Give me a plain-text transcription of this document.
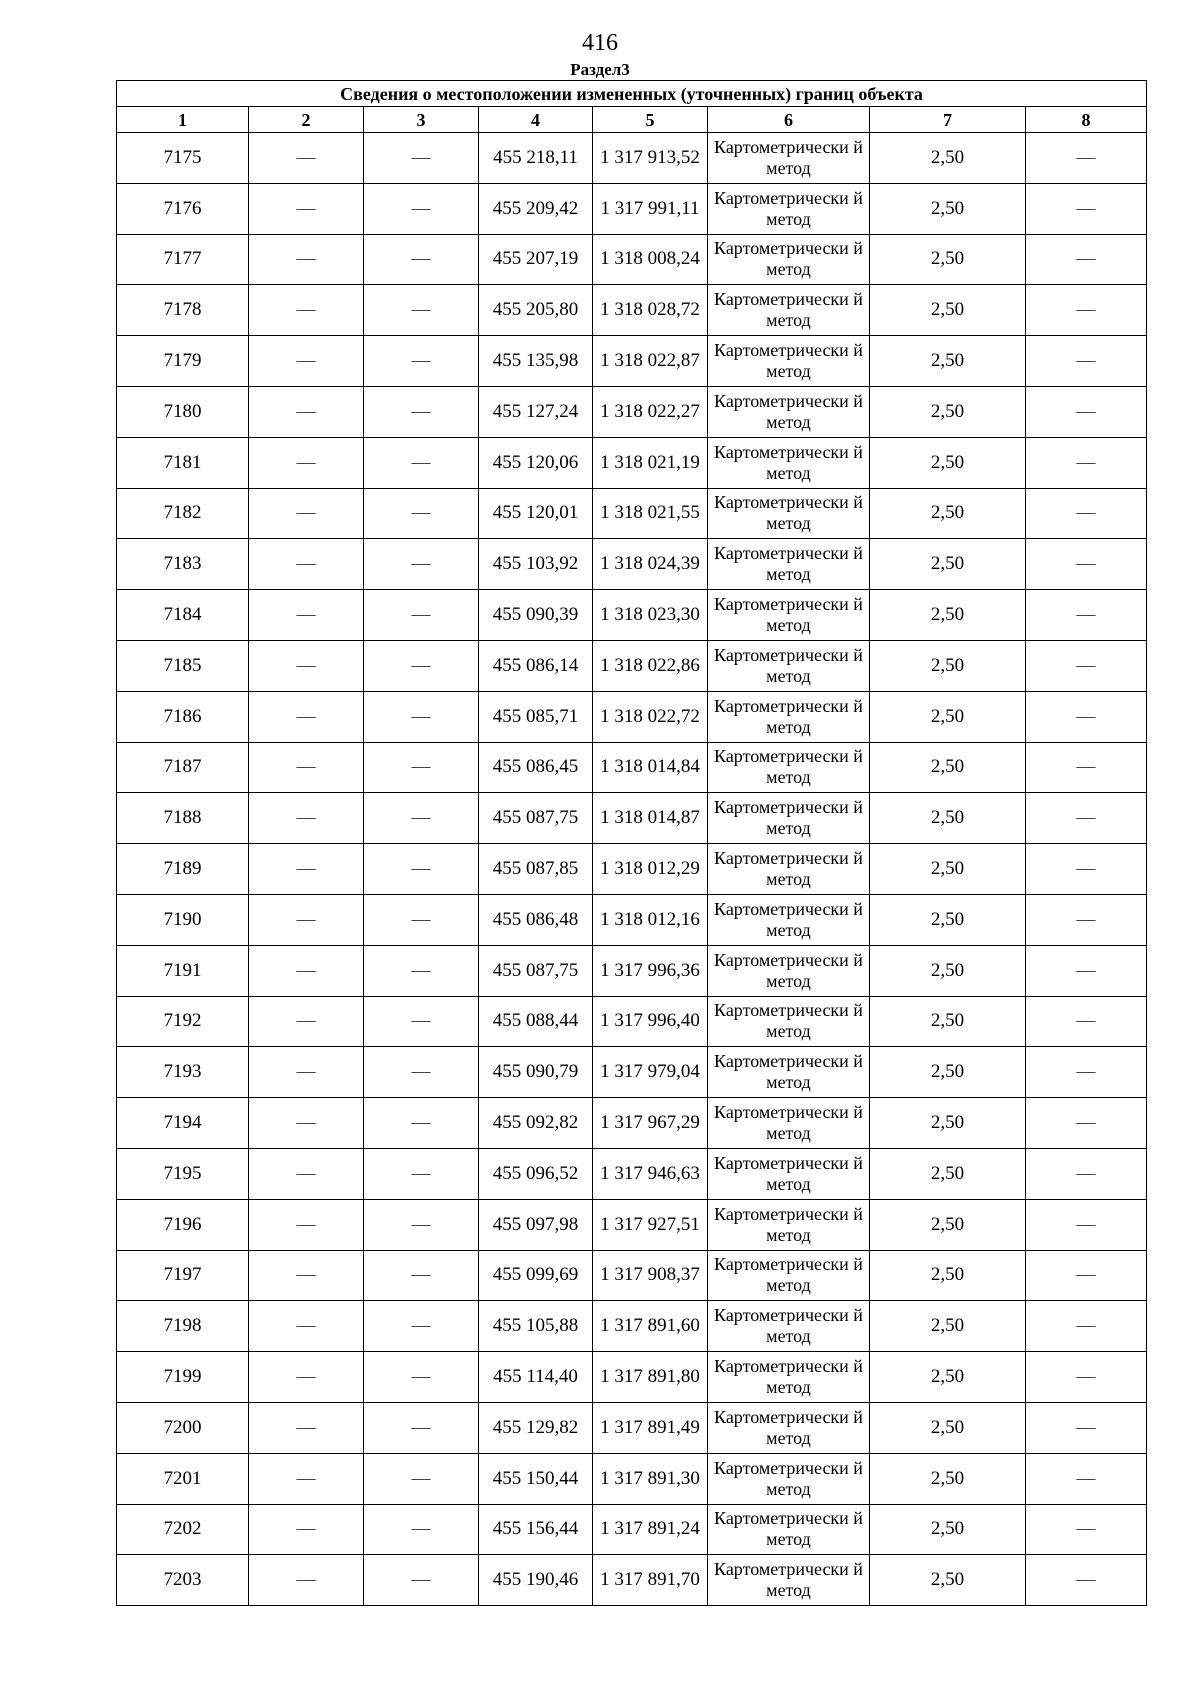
416
Раздел3
Сведения о местоположении измененных (уточненных) границ объекта							
1	2	3	4	5	6	7	8
7175	—	—	455 218,11	1 317 913,52	Картометрически й метод	2,50	—
7176	—	—	455 209,42	1 317 991,11	Картометрически й метод	2,50	—
7177	—	—	455 207,19	1 318 008,24	Картометрически й метод	2,50	—
7178	—	—	455 205,80	1 318 028,72	Картометрически й метод	2,50	—
7179	—	—	455 135,98	1 318 022,87	Картометрически й метод	2,50	—
7180	—	—	455 127,24	1 318 022,27	Картометрически й метод	2,50	—
7181	—	—	455 120,06	1 318 021,19	Картометрически й метод	2,50	—
7182	—	—	455 120,01	1 318 021,55	Картометрически й метод	2,50	—
7183	—	—	455 103,92	1 318 024,39	Картометрически й метод	2,50	—
7184	—	—	455 090,39	1 318 023,30	Картометрически й метод	2,50	—
7185	—	—	455 086,14	1 318 022,86	Картометрически й метод	2,50	—
7186	—	—	455 085,71	1 318 022,72	Картометрически й метод	2,50	—
7187	—	—	455 086,45	1 318 014,84	Картометрически й метод	2,50	—
7188	—	—	455 087,75	1 318 014,87	Картометрически й метод	2,50	—
7189	—	—	455 087,85	1 318 012,29	Картометрически й метод	2,50	—
7190	—	—	455 086,48	1 318 012,16	Картометрически й метод	2,50	—
7191	—	—	455 087,75	1 317 996,36	Картометрически й метод	2,50	—
7192	—	—	455 088,44	1 317 996,40	Картометрически й метод	2,50	—
7193	—	—	455 090,79	1 317 979,04	Картометрически й метод	2,50	—
7194	—	—	455 092,82	1 317 967,29	Картометрически й метод	2,50	—
7195	—	—	455 096,52	1 317 946,63	Картометрически й метод	2,50	—
7196	—	—	455 097,98	1 317 927,51	Картометрически й метод	2,50	—
7197	—	—	455 099,69	1 317 908,37	Картометрически й метод	2,50	—
7198	—	—	455 105,88	1 317 891,60	Картометрически й метод	2,50	—
7199	—	—	455 114,40	1 317 891,80	Картометрически й метод	2,50	—
7200	—	—	455 129,82	1 317 891,49	Картометрически й метод	2,50	—
7201	—	—	455 150,44	1 317 891,30	Картометрически й метод	2,50	—
7202	—	—	455 156,44	1 317 891,24	Картометрически й метод	2,50	—
7203	—	—	455 190,46	1 317 891,70	Картометрически й метод	2,50	—
